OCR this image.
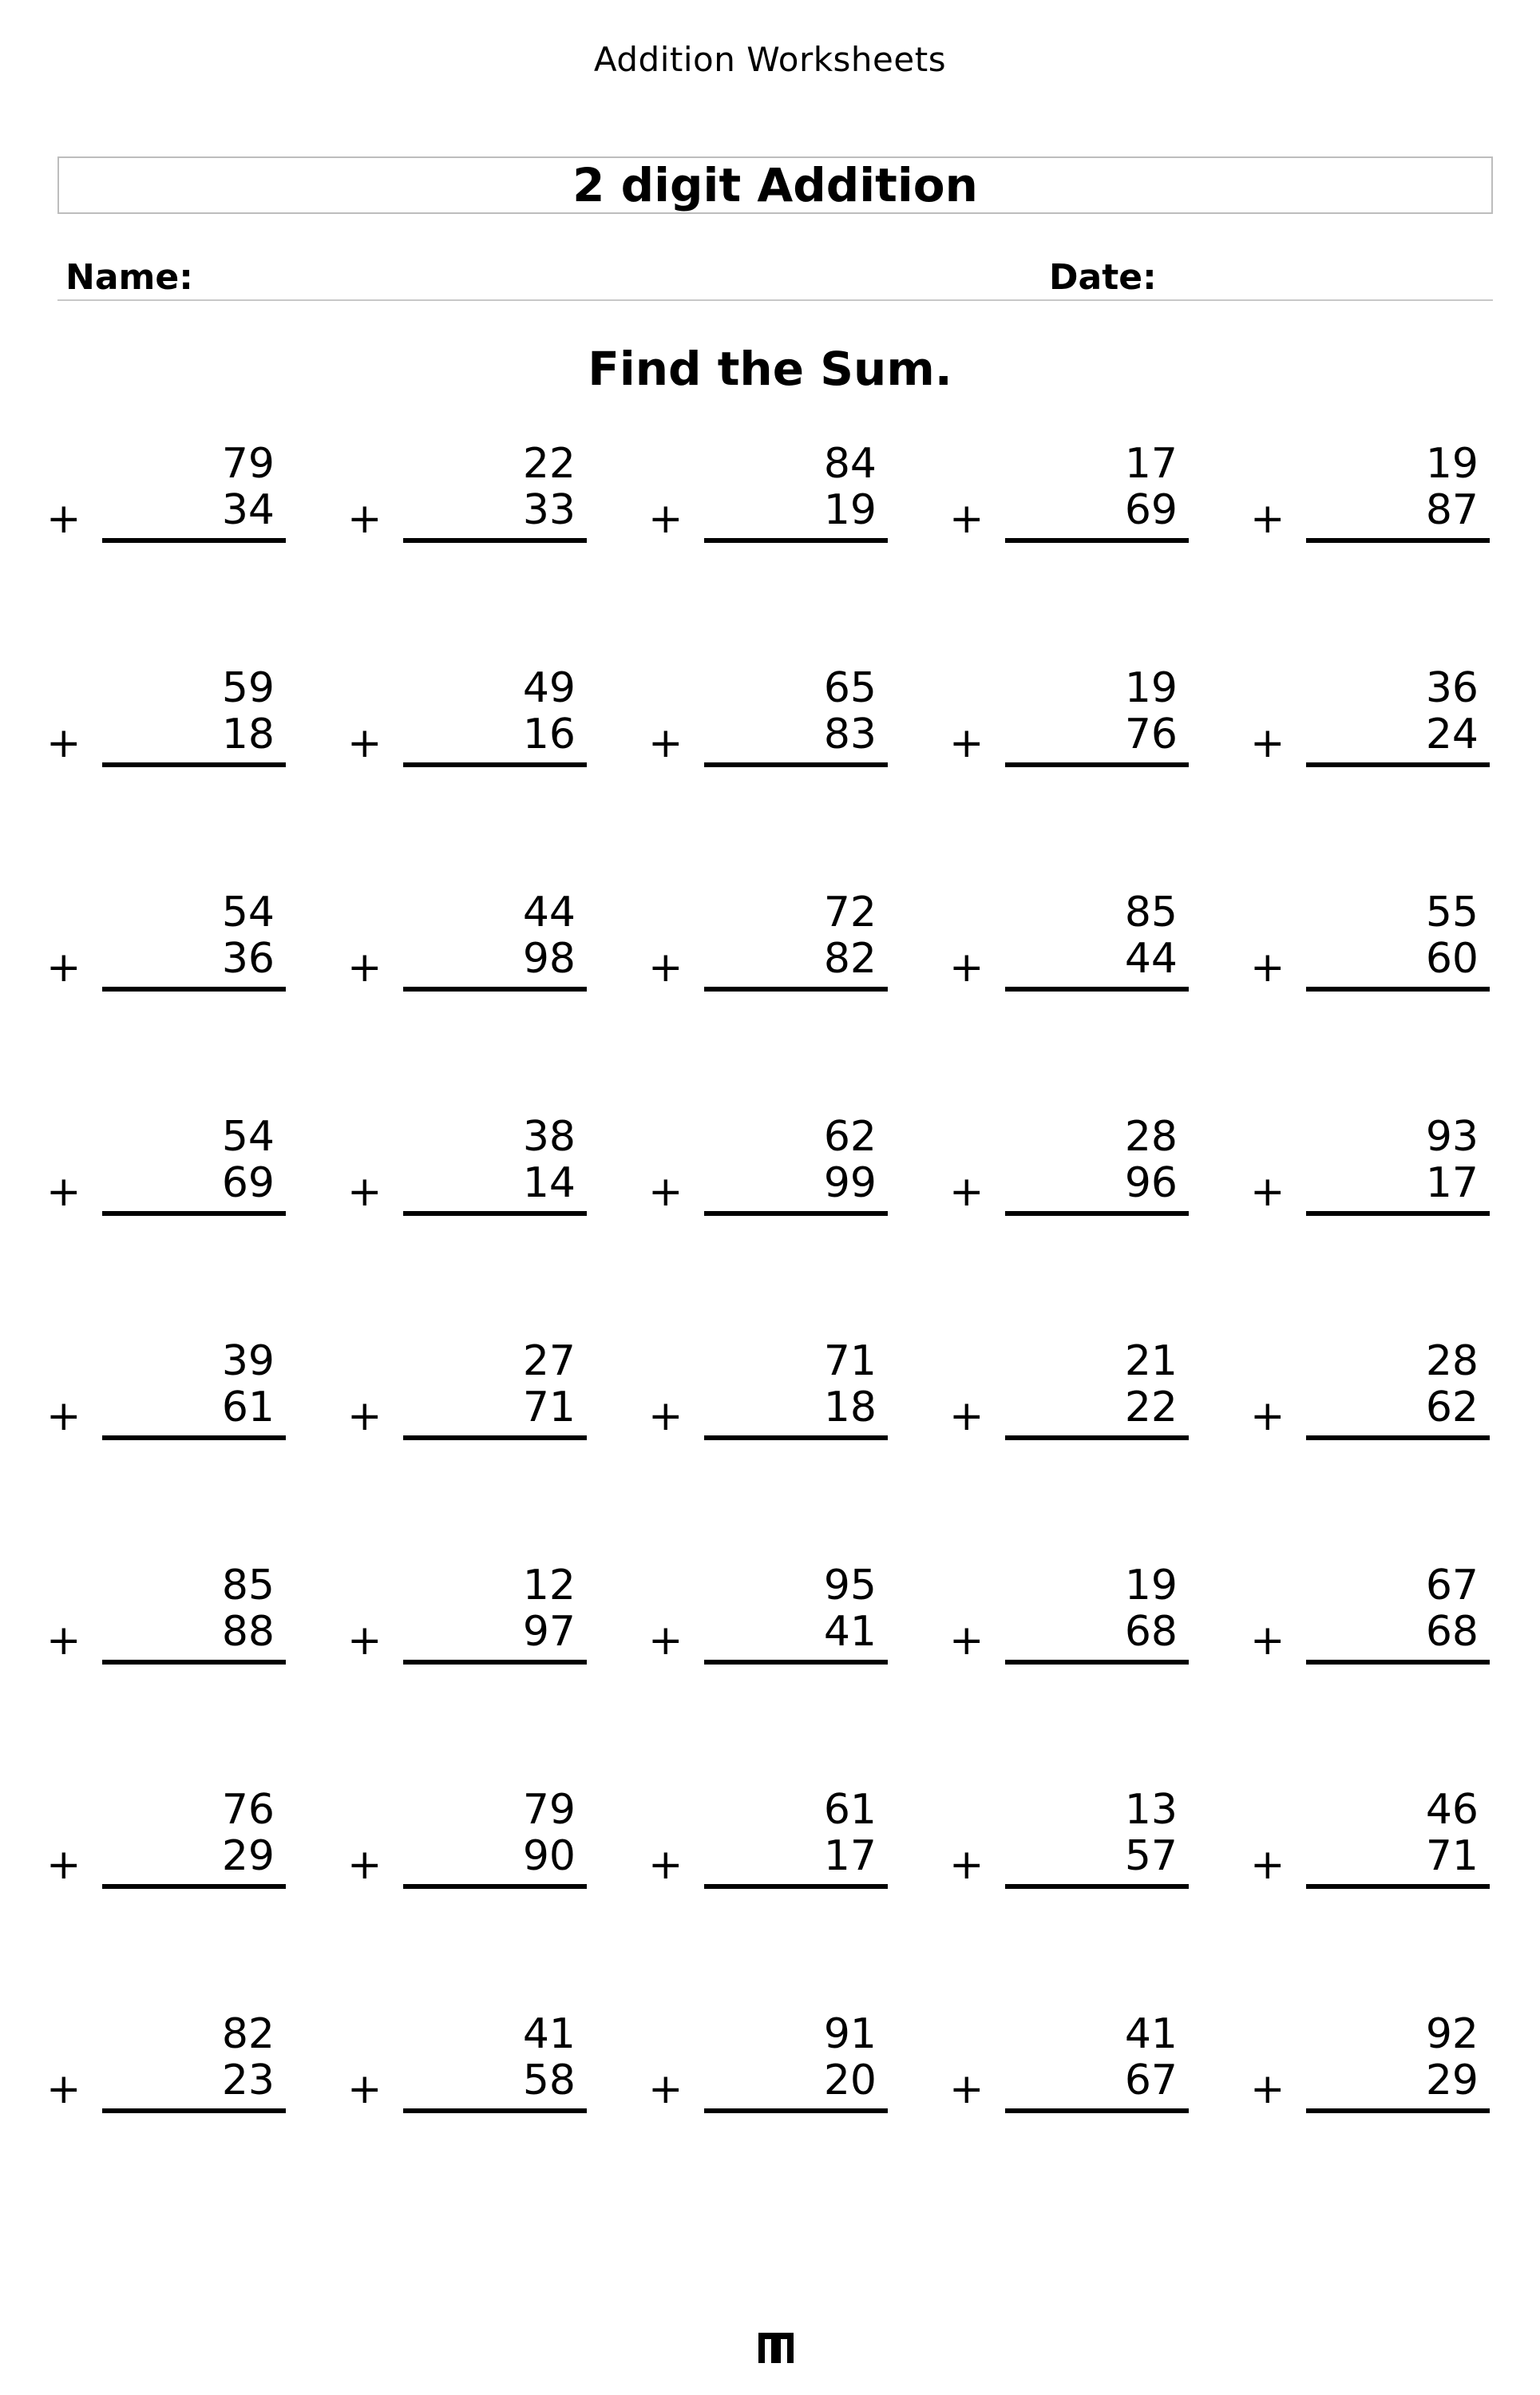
Addition Worksheets
2 digit Addition
Name:	Date:
Find the Sum.
79
+	34
22
+	33
84
+	19
17
+	69
19
+	87
59
+	18
49
+	16
65
+	83
19
+	76
36
+	24
54
+	36
44
+	98
72
+	82
85
+	44
55
+	60
54
+	69
38
+	14
62
+	99
28
+	96
93
+	17
39
+	61
27
+	71
71
+	18
21
+	22
28
+	62
85
+	88
12
+	97
95
+	41
19
+	68
67
+	68
76
+	29
79
+	90
61
+	17
13
+	57
46
+	71
82
+	23
41
+	58
91
+	20
41
+	67
92
+	29
